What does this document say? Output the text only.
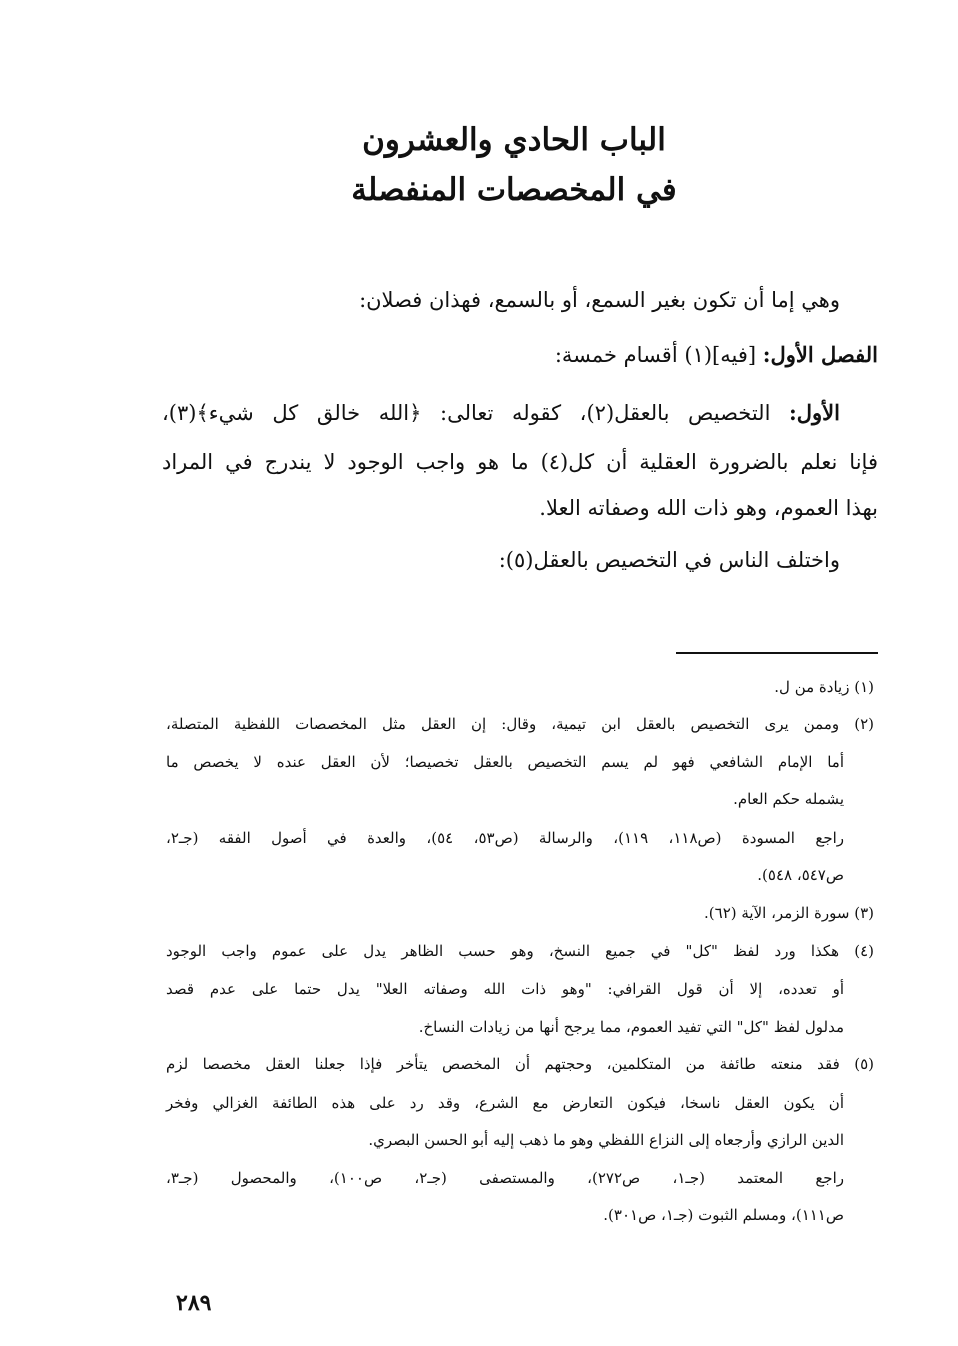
الباب الحادي والعشرون
في المخصصات المنفصلة
وهي إما أن تكون بغير السمع، أو بالسمع، فهذان فصلان:
الفصل الأول: [فيه](١) أقسام خمسة:
الأول: التخصيص بالعقل(٢)، كقوله تعالى: ﴿الله خالق كل شيء﴾(٣)،
فإنا نعلم بالضرورة العقلية أن كل(٤) ما هو واجب الوجود لا يندرج في المراد
بهذا العموم، وهو ذات الله وصفاته العلا.
واختلف الناس في التخصيص بالعقل(٥):
(١) زيادة من ل.
(٢) وممن يرى التخصيص بالعقل ابن تيمية، وقال: إن العقل مثل المخصصات اللفظية المتصلة،
أما الإمام الشافعي فهو لم يسم التخصيص بالعقل تخصيصا؛ لأن العقل عنده لا يخصص ما
يشمله حكم العام.
راجع المسودة (ص١١٨، ١١٩)، والرسالة (ص٥٣، ٥٤)، والعدة في أصول الفقه (جـ٢،
ص٥٤٧، ٥٤٨).
(٣) سورة الزمر، الآية (٦٢).
(٤) هكذا ورد لفظ "كل" في جميع النسخ، وهو حسب الظاهر يدل على عموم واجب الوجود
أو تعدده، إلا أن قول القرافي: "وهو ذات الله وصفاته العلا" يدل حتما على عدم قصد
مدلول لفظ "كل" التي تفيد العموم، مما يرجح أنها من زيادات النساخ.
(٥) فقد منعته طائفة من المتكلمين، وحجتهم أن المخصص يتأخر فإذا جعلنا العقل مخصصا لزم
أن يكون العقل ناسخا، فيكون التعارض مع الشرع، وقد رد على هذه الطائفة الغزالي وفخر
الدين الرازي وأرجعاه إلى النزاع اللفظي وهو ما ذهب إليه أبو الحسن البصري.
راجع المعتمد (جـ١، ص٢٧٢)، والمستصفى (جـ٢، ص١٠٠)، والمحصول (جـ٣،
ص١١١)، ومسلم الثبوت (جـ١، ص٣٠١).
٢٨٩
